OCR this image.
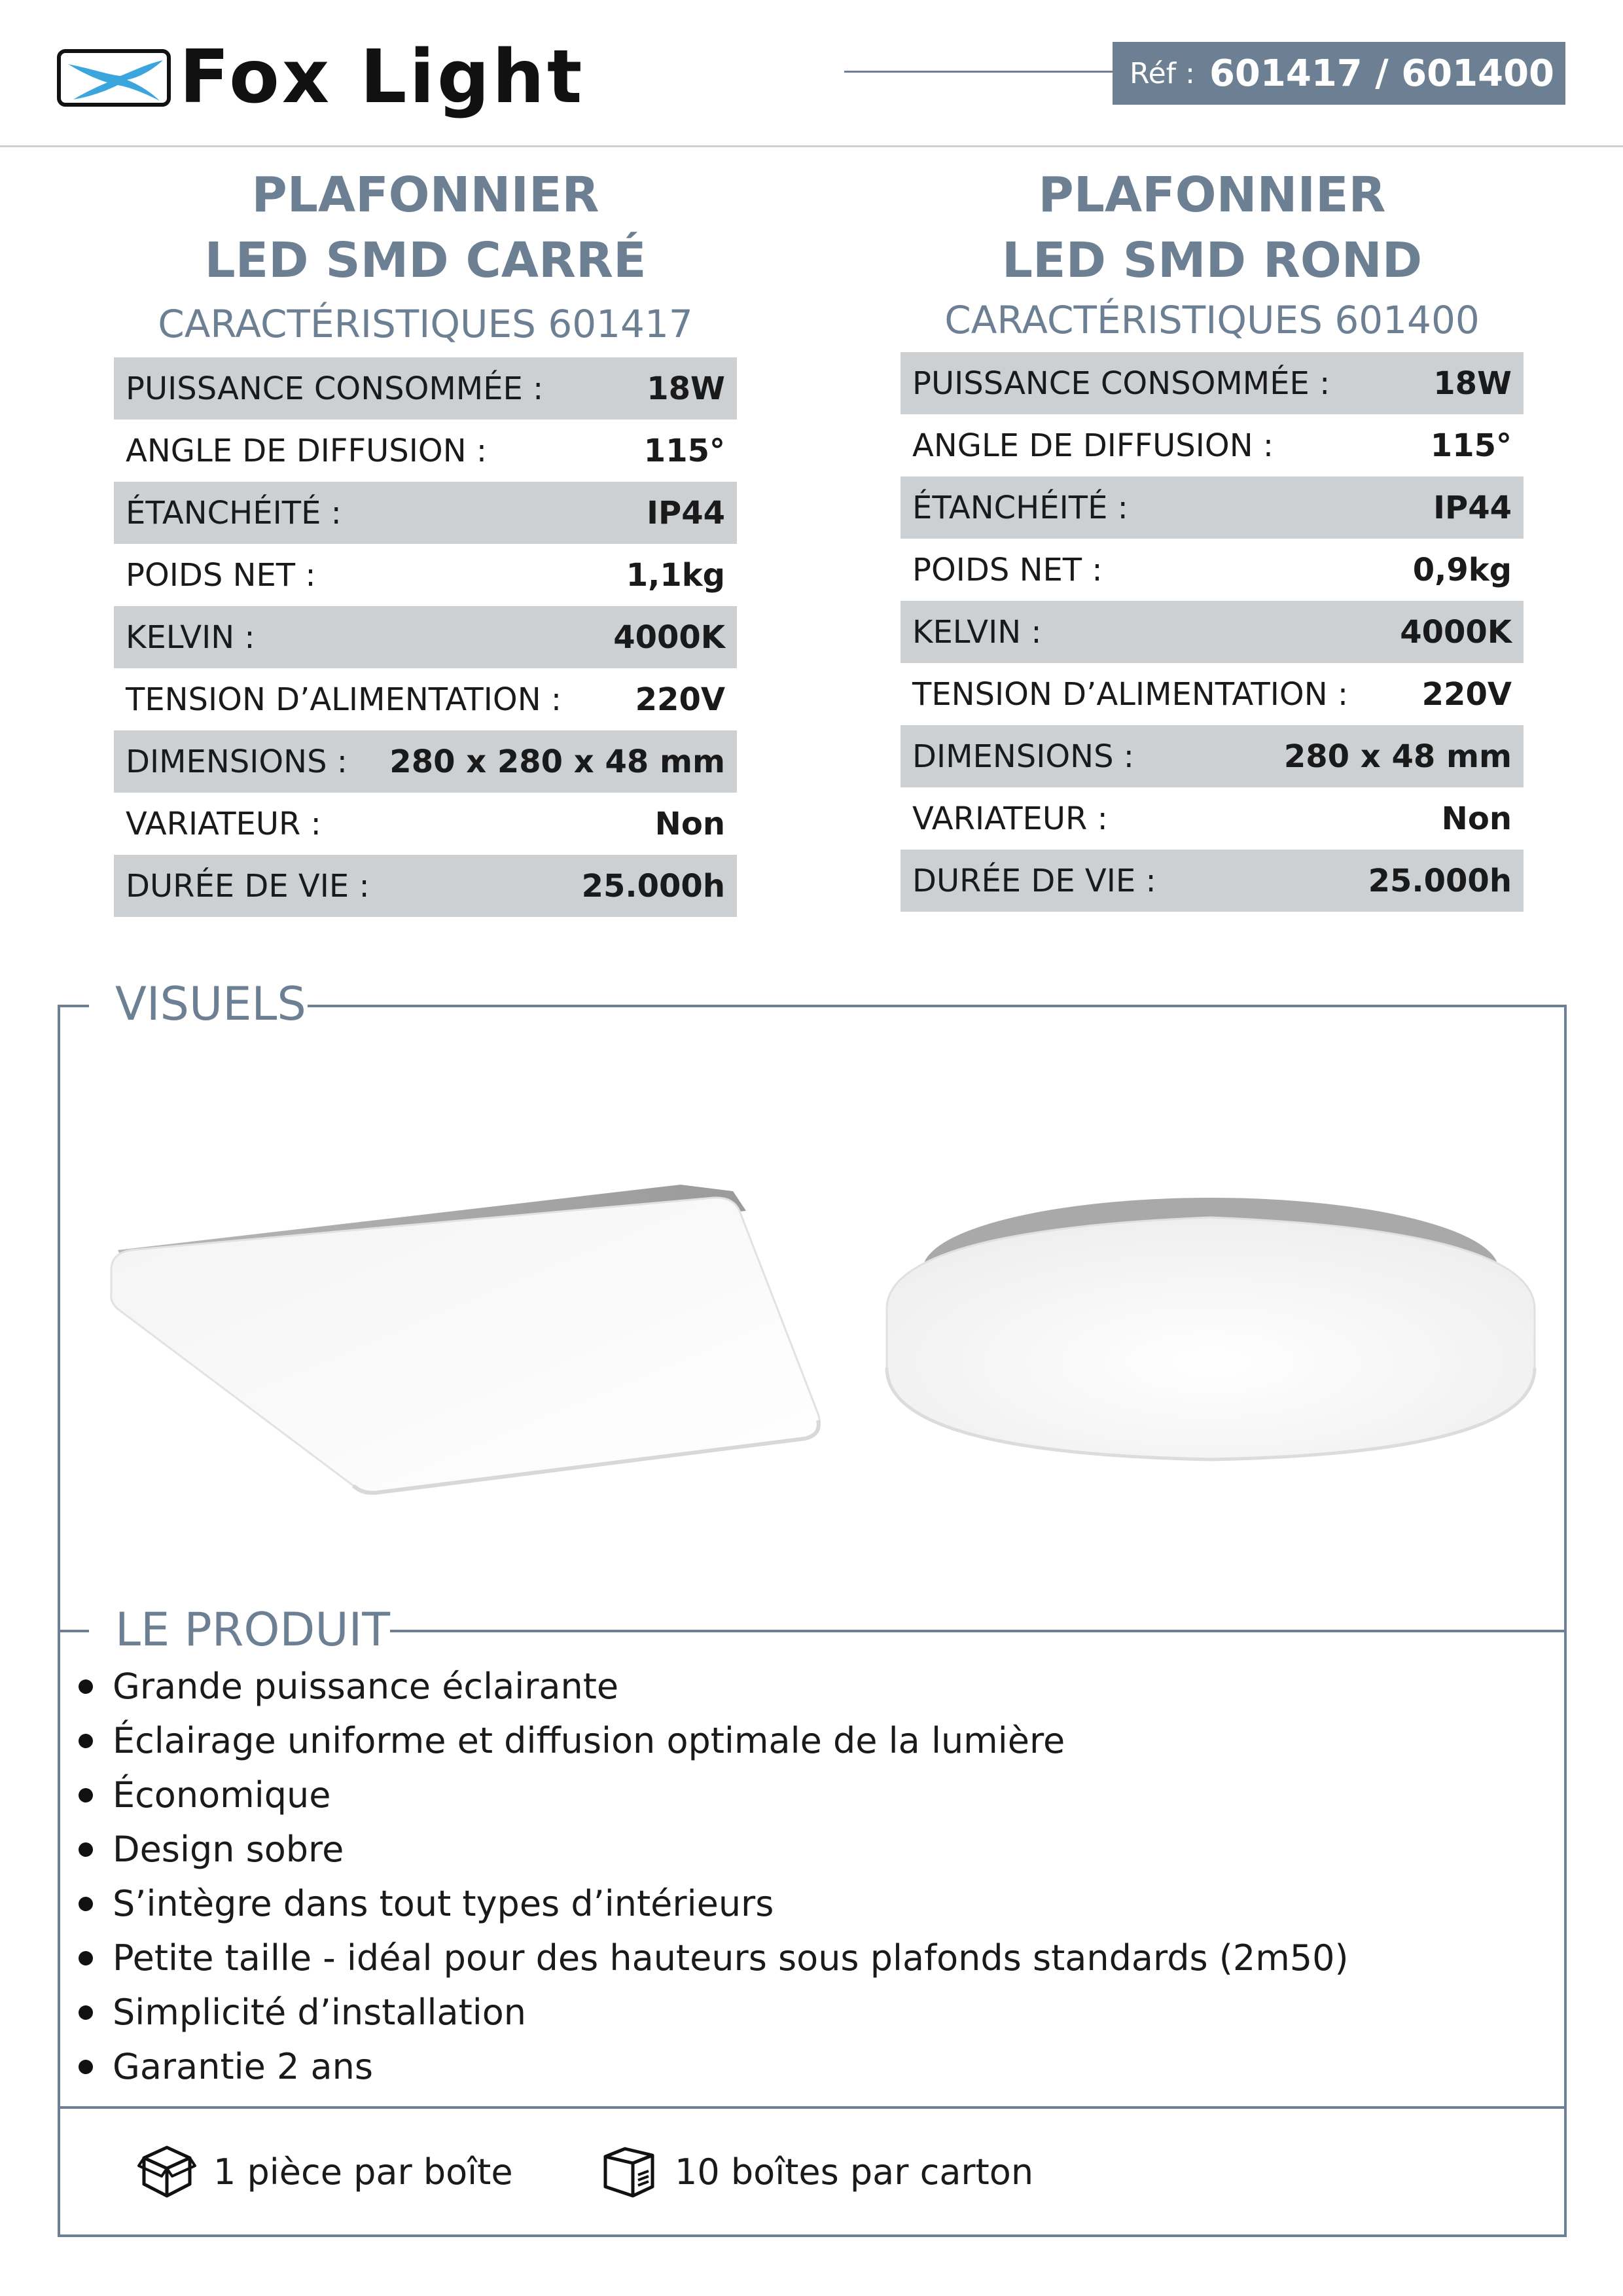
Fox Light	Réf : 601417 / 601400
PLAFONNIER
LED SMD CARRÉ
CARACTÉRISTIQUES 601417
PUISSANCE CONSOMMÉE :	18W
ANGLE DE DIFFUSION :	115°
ÉTANCHÉITÉ :	IP44
POIDS NET :	1,1kg
KELVIN :	4000K
TENSION D’ALIMENTATION : 220V
DIMENSIONS : 280 x 280 x 48 mm
VARIATEUR :	Non
DURÉE DE VIE :	25.000h
PLAFONNIER
LED SMD ROND
CARACTÉRISTIQUES 601400
PUISSANCE CONSOMMÉE :	18W
ANGLE DE DIFFUSION :	115°
ÉTANCHÉITÉ :	IP44
POIDS NET :	0,9kg
KELVIN :	4000K
TENSION D’ALIMENTATION : 220V
DIMENSIONS :	280 x 48 mm
VARIATEUR :	Non
DURÉE DE VIE :	25.000h
VISUELS
LE PRODUIT
Grande puissance éclairante
Éclairage uniforme et diffusion optimale de la lumière
Économique
Design sobre
S’intègre dans tout types d’intérieurs
Petite taille - idéal pour des hauteurs sous plafonds standards (2m50)
Simplicité d’installation
Garantie 2 ans
1 pièce par boîte	10 boîtes par carton
